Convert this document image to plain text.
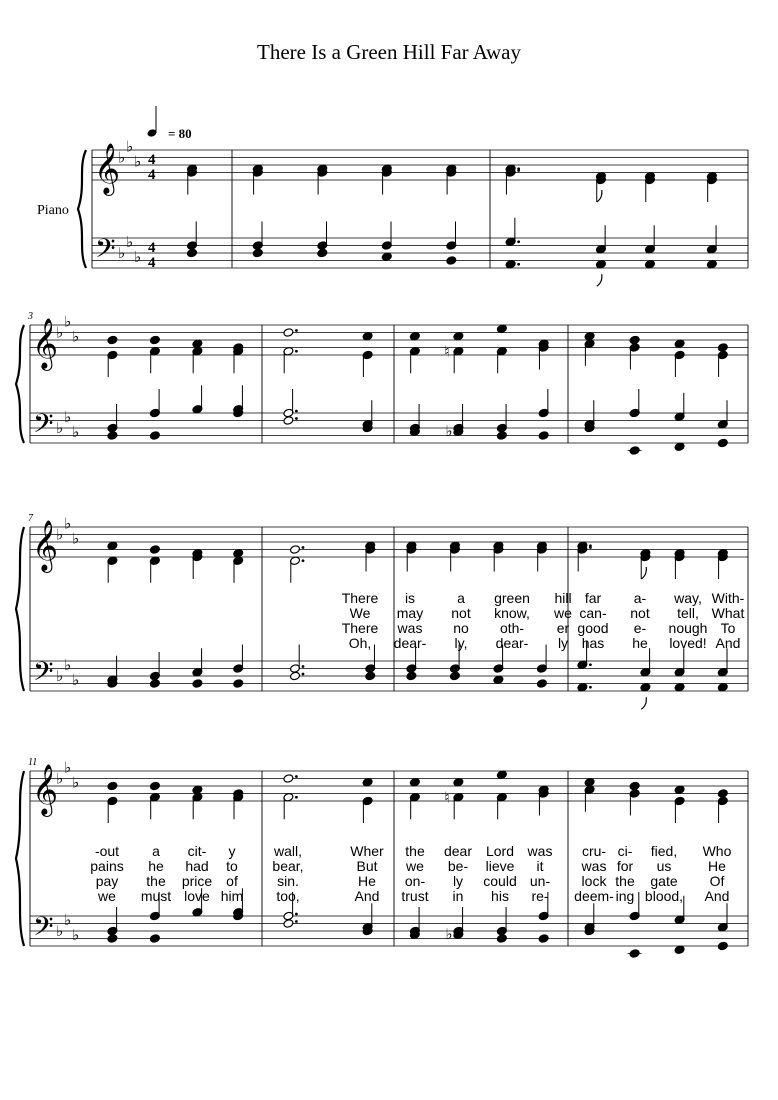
There Is a Green Hill Far Away
𝄞
𝄢
♭
♭
♭
♭
♭
♭
4
4
4
4
𝄞
𝄢
♭
♭
♭
♭
♭
♭
𝄞
𝄢
♭
♭
♭
♭
♭
♭
𝄞
𝄢
♭
♭
♭
♭
♭
♭
♮
♭
♮
♭
= 80
Piano
3
7
11
There is	a green hill far a- way, With-
We may not know, we can- not tell, What
There was no oth- er good e- nough To
Oh, dear- ly, dear- ly has he loved! And
-out a cit- y	wall,	Wher the dear Lord was cru- ci- fied, Who
pains he had to bear,	But we be- lieve it	was for us	He
pay the price of	sin.	He on- ly could un- lock the gate Of
we must love him too,	And trust in his re- deem- ing blood, And
